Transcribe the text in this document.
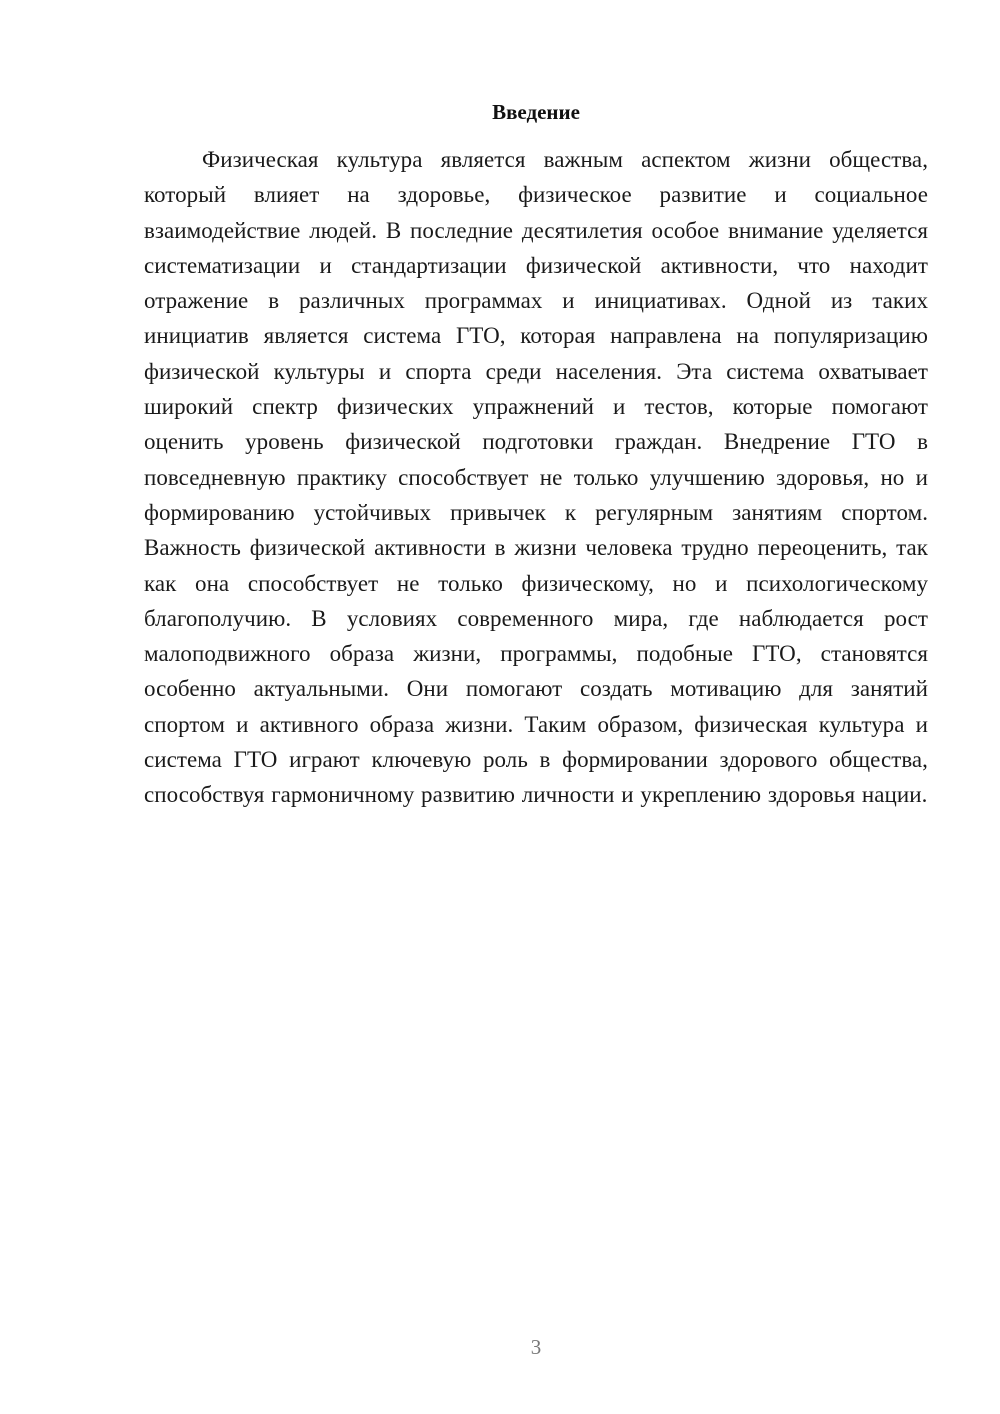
Введение

Физическая культура является важным аспектом жизни общества, который влияет на здоровье, физическое развитие и социальное взаимодействие людей. В последние десятилетия особое внимание уделяется систематизации и стандартизации физической активности, что находит отражение в различных программах и инициативах. Одной из таких инициатив является система ГТО, которая направлена на популяризацию физической культуры и спорта среди населения. Эта система охватывает широкий спектр физических упражнений и тестов, которые помогают оценить уровень физической подготовки граждан. Внедрение ГТО в повседневную практику способствует не только улучшению здоровья, но и формированию устойчивых привычек к регулярным занятиям спортом. Важность физической активности в жизни человека трудно переоценить, так как она способствует не только физическому, но и психологическому благополучию. В условиях современного мира, где наблюдается рост малоподвижного образа жизни, программы, подобные ГТО, становятся особенно актуальными. Они помогают создать мотивацию для занятий спортом и активного образа жизни. Таким образом, физическая культура и система ГТО играют ключевую роль в формировании здорового общества, способствуя гармоничному развитию личности и укреплению здоровья нации.

3
